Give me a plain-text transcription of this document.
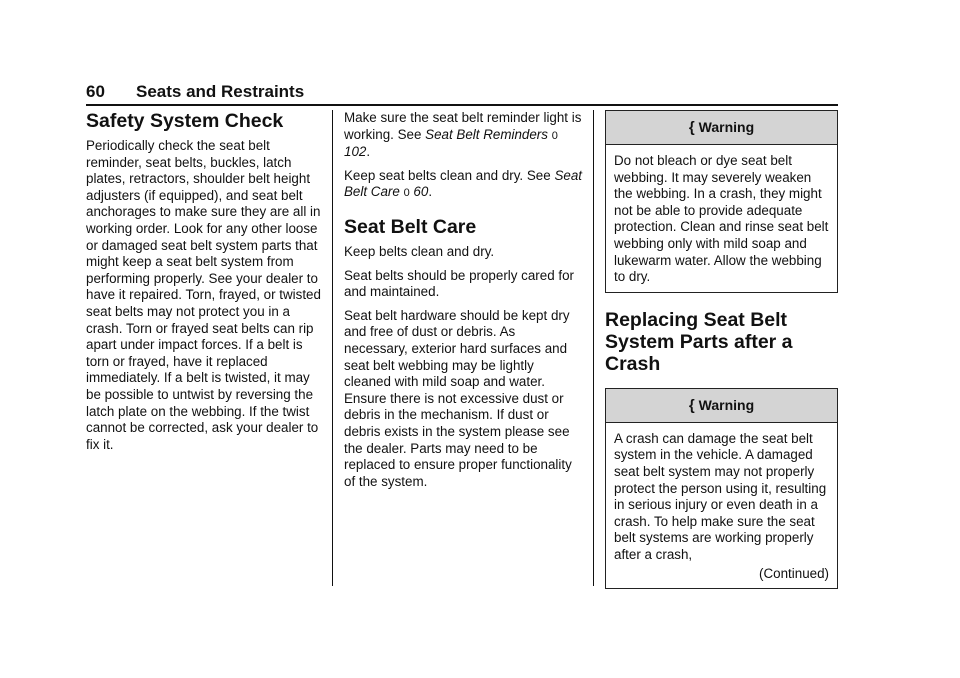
60 Seats and Restraints
Safety System Check

Periodically check the seat belt reminder, seat belts, buckles, latch plates, retractors, shoulder belt height adjusters (if equipped), and seat belt anchorages to make sure they are all in working order. Look for any other loose or damaged seat belt system parts that might keep a seat belt system from performing properly. See your dealer to have it repaired. Torn, frayed, or twisted seat belts may not protect you in a crash. Torn or frayed seat belts can rip apart under impact forces. If a belt is torn or frayed, have it replaced immediately. If a belt is twisted, it may be possible to untwist by reversing the latch plate on the webbing. If the twist cannot be corrected, ask your dealer to fix it.

Make sure the seat belt reminder light is working. See Seat Belt Reminders 0 102.

Keep seat belts clean and dry. See Seat Belt Care 0 60.

Seat Belt Care

Keep belts clean and dry.

Seat belts should be properly cared for and maintained.

Seat belt hardware should be kept dry and free of dust or debris. As necessary, exterior hard surfaces and seat belt webbing may be lightly cleaned with mild soap and water. Ensure there is not excessive dust or debris in the mechanism. If dust or debris exists in the system please see the dealer. Parts may need to be replaced to ensure proper functionality of the system.

{ Warning
Do not bleach or dye seat belt webbing. It may severely weaken the webbing. In a crash, they might not be able to provide adequate protection. Clean and rinse seat belt webbing only with mild soap and lukewarm water. Allow the webbing to dry.
Replacing Seat Belt System Parts after a Crash
{ Warning
A crash can damage the seat belt system in the vehicle. A damaged seat belt system may not properly protect the person using it, resulting in serious injury or even death in a crash. To help make sure the seat belt systems are working properly after a crash,
(Continued)
